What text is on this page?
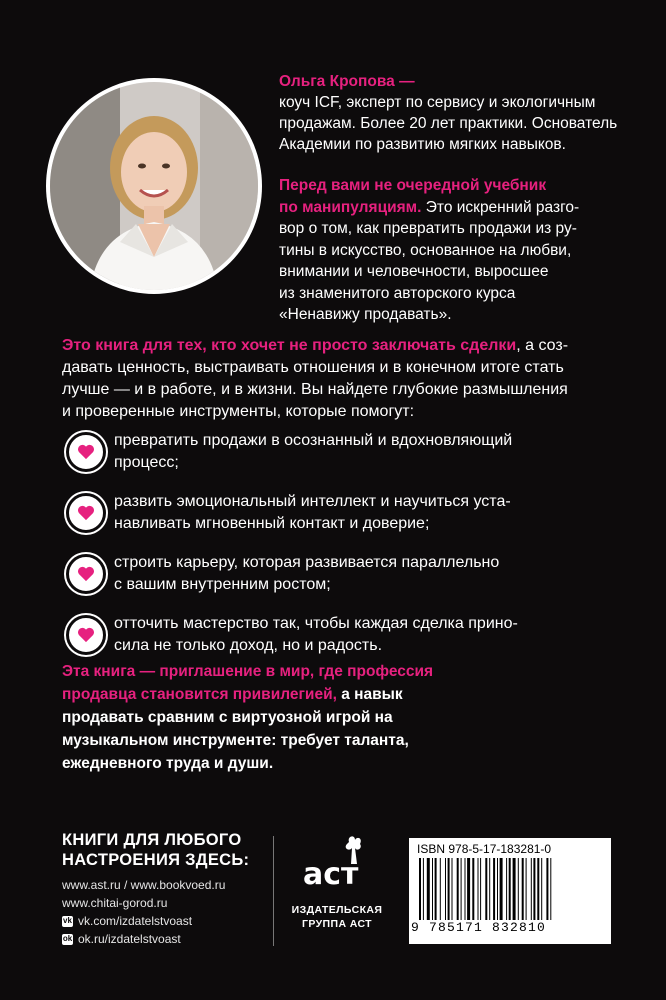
Ольга Кропова —
коуч ICF, эксперт по сервису и экологичным
продажам. Более 20 лет практики. Основатель
Академии по развитию мягких навыков.
Перед вами не очередной учебник
по манипуляциям. Это искренний разго-
вор о том, как превратить продажи из ру-
тины в искусство, основанное на любви,
внимании и человечности, выросшее
из знаменитого авторского курса
«Ненавижу продавать».
Это книга для тех, кто хочет не просто заключать сделки, а соз-
давать ценность, выстраивать отношения и в конечном итоге стать
лучше — и в работе, и в жизни. Вы найдете глубокие размышления
и проверенные инструменты, которые помогут:
превратить продажи в осознанный и вдохновляющий
процесс;
развить эмоциональный интеллект и научиться уста-
навливать мгновенный контакт и доверие;
строить карьеру, которая развивается параллельно
с вашим внутренним ростом;
отточить мастерство так, чтобы каждая сделка прино-
сила не только доход, но и радость.
Эта книга — приглашение в мир, где профессия
продавца становится привилегией, а навык
продавать сравним с виртуозной игрой на
музыкальном инструменте: требует таланта,
ежедневного труда и души.
КНИГИ ДЛЯ ЛЮБОГО
НАСТРОЕНИЯ ЗДЕСЬ:
www.ast.ru / www.bookvoed.ru
www.chitai-gorod.ru
vk vk.com/izdatelstvoast
ok ok.ru/izdatelstvoast
аст
ИЗДАТЕЛЬСКАЯ
ГРУППА АСТ
ISBN 978-5-17-183281-0
9 785171 832810
